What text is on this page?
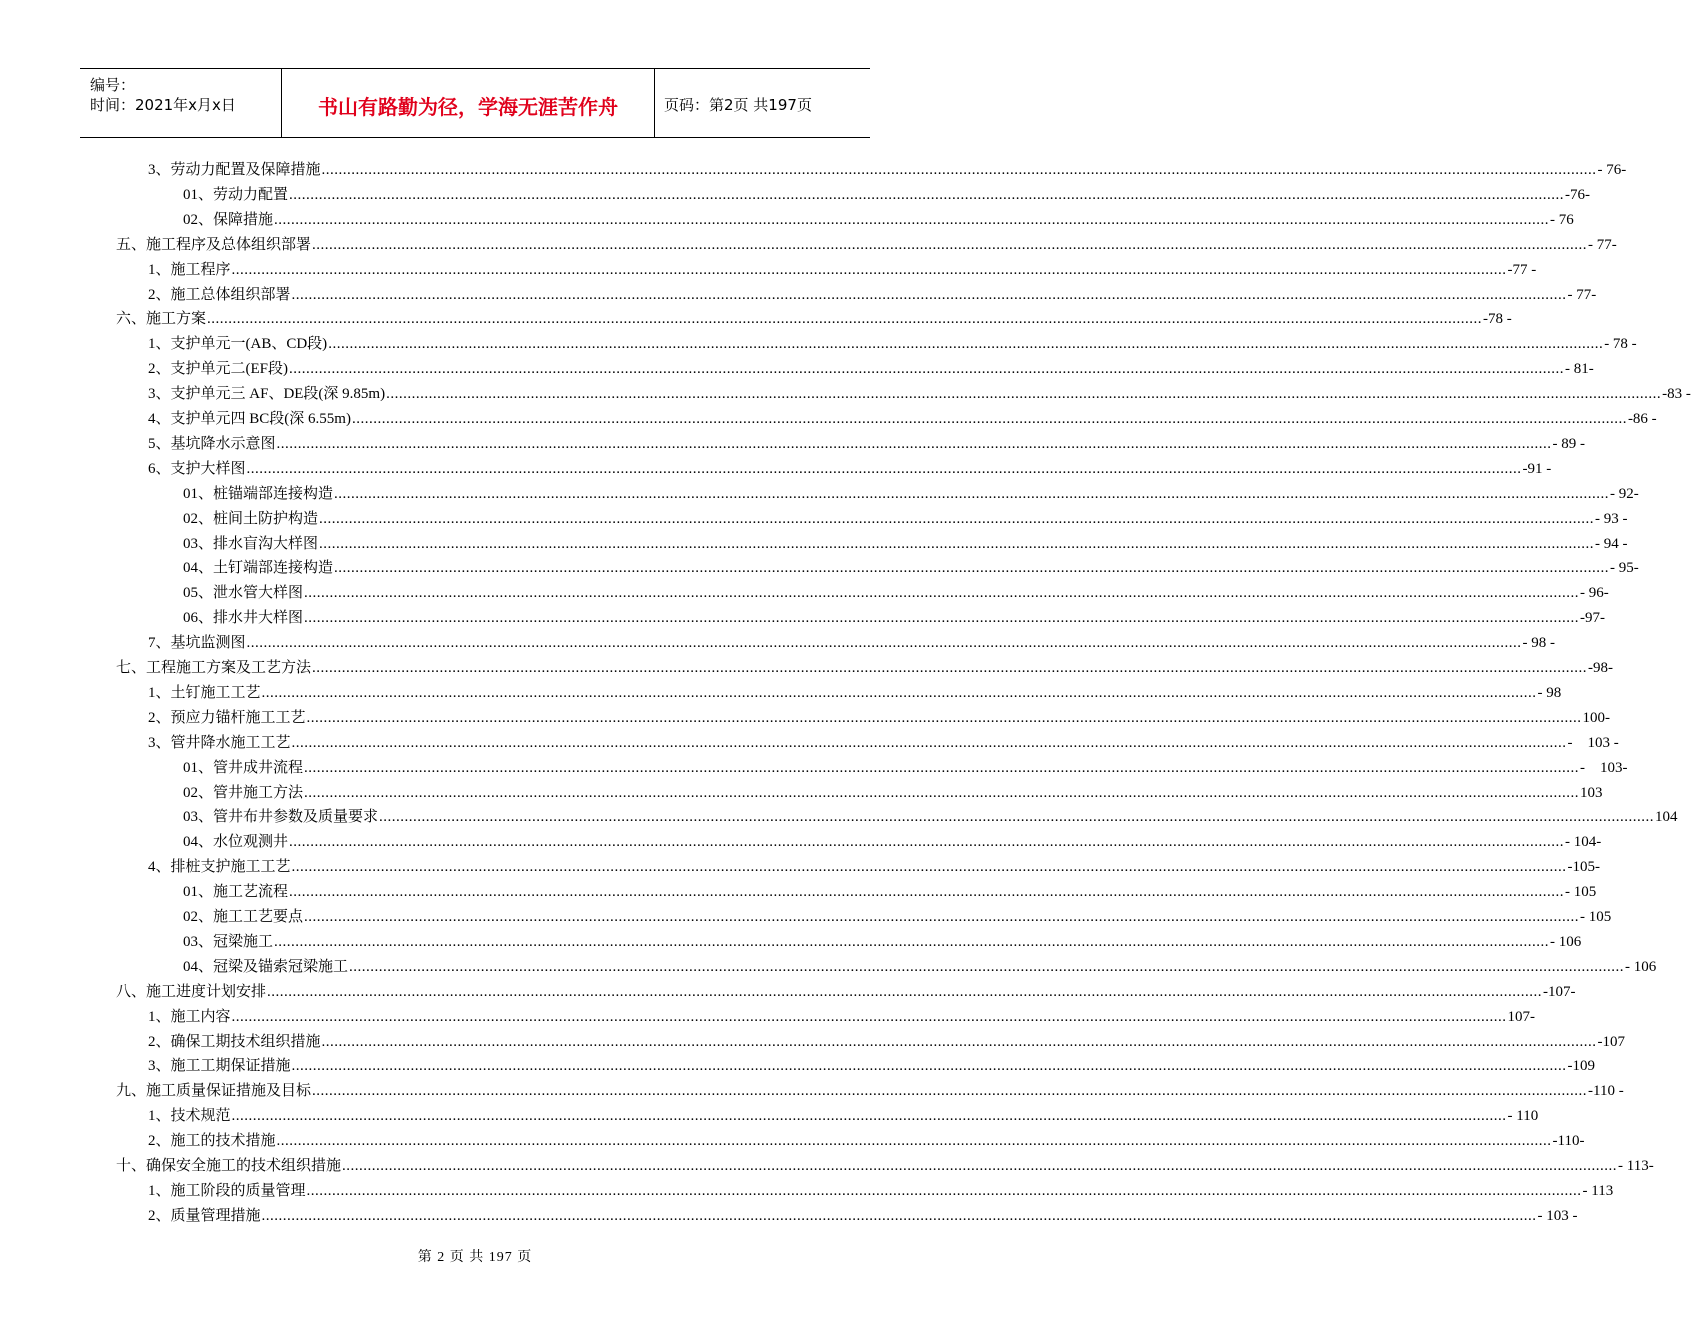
编号：
时间：2021年x月x日	书山有路勤为径，学海无涯苦作舟	页码：第2页 共197页
3、 劳动力配置及保障措施 ............................................................................................................................................................................................................................................................................................................ - 76-
01、 劳动力配置 ............................................................................................................................................................................................................................................................................................................ -76-
02、 保障措施 ............................................................................................................................................................................................................................................................................................................ - 76
五、 施工程序及总体组织部署 ............................................................................................................................................................................................................................................................................................................ - 77-
1、 施工程序 ............................................................................................................................................................................................................................................................................................................ -77 -
2、 施工总体组织部署 ............................................................................................................................................................................................................................................................................................................ - 77-
六、 施工方案 ............................................................................................................................................................................................................................................................................................................ -78 -
1、 支护单元一(AB、CD段) ............................................................................................................................................................................................................................................................................................................ - 78 -
2、 支护单元二(EF段) ............................................................................................................................................................................................................................................................................................................ - 81-
3、 支护单元三 AF、DE段(深 9.85m) ............................................................................................................................................................................................................................................................................................................ -83 -
4、 支护单元四 BC段(深 6.55m) ............................................................................................................................................................................................................................................................................................................ -86 -
5、 基坑降水示意图 ............................................................................................................................................................................................................................................................................................................ - 89 -
6、 支护大样图 ............................................................................................................................................................................................................................................................................................................ -91 -
01、 桩锚端部连接构造 ............................................................................................................................................................................................................................................................................................................ - 92-
02、 桩间土防护构造 ............................................................................................................................................................................................................................................................................................................ - 93 -
03、 排水盲沟大样图 ............................................................................................................................................................................................................................................................................................................ - 94 -
04、 土钉端部连接构造 ............................................................................................................................................................................................................................................................................................................ - 95-
05、 泄水管大样图 ............................................................................................................................................................................................................................................................................................................ - 96-
06、 排水井大样图 ............................................................................................................................................................................................................................................................................................................ -97-
7、 基坑监测图 ............................................................................................................................................................................................................................................................................................................ - 98 -
七、 工程施工方案及工艺方法 ............................................................................................................................................................................................................................................................................................................ -98-
1、 土钉施工工艺 ............................................................................................................................................................................................................................................................................................................ - 98
2、 预应力锚杆施工工艺 ............................................................................................................................................................................................................................................................................................................ 100-
3、 管井降水施工工艺 ............................................................................................................................................................................................................................................................................................................ -    103 -
01、 管井成井流程 ............................................................................................................................................................................................................................................................................................................ -    103-
02、 管井施工方法 ............................................................................................................................................................................................................................................................................................................ 103
03、 管井布井参数及质量要求 ............................................................................................................................................................................................................................................................................................................ 104
04、 水位观测井 ............................................................................................................................................................................................................................................................................................................ - 104-
4、 排桩支护施工工艺 ............................................................................................................................................................................................................................................................................................................ -105-
01、 施工艺流程 ............................................................................................................................................................................................................................................................................................................ - 105
02、 施工工艺要点 ............................................................................................................................................................................................................................................................................................................ - 105
03、 冠梁施工 ............................................................................................................................................................................................................................................................................................................ - 106
04、 冠梁及锚索冠梁施工 ............................................................................................................................................................................................................................................................................................................ - 106
八、 施工进度计划安排 ............................................................................................................................................................................................................................................................................................................ -107-
1、 施工内容 ............................................................................................................................................................................................................................................................................................................ 107-
2、 确保工期技术组织措施 ............................................................................................................................................................................................................................................................................................................ -107
3、 施工工期保证措施 ............................................................................................................................................................................................................................................................................................................ -109
九、 施工质量保证措施及目标 ............................................................................................................................................................................................................................................................................................................ -110 -
1、 技术规范 ............................................................................................................................................................................................................................................................................................................ - 110
2、 施工的技术措施 ............................................................................................................................................................................................................................................................................................................ -110-
十、 确保安全施工的技术组织措施 ............................................................................................................................................................................................................................................................................................................ - 113-
1、 施工阶段的质量管理 ............................................................................................................................................................................................................................................................................................................ - 113
2、 质量管理措施 ............................................................................................................................................................................................................................................................................................................ - 103 -
第 2 页 共 197 页
